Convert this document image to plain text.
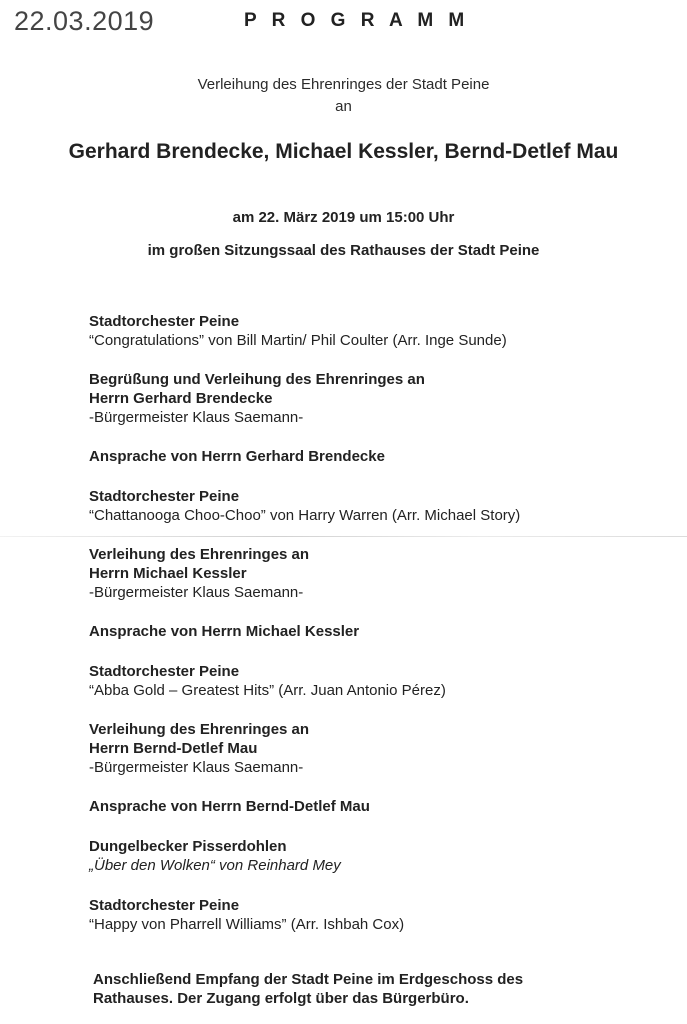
22.03.2019	P R O G R A M M
Verleihung des Ehrenringes der Stadt Peine
an
Gerhard Brendecke, Michael Kessler, Bernd-Detlef Mau
am 22. März 2019 um 15:00 Uhr
im großen Sitzungssaal des Rathauses der Stadt Peine
Stadtorchester Peine
“Congratulations” von Bill Martin/ Phil Coulter (Arr. Inge Sunde)
Begrüßung und Verleihung des Ehrenringes an
Herrn Gerhard Brendecke
-Bürgermeister Klaus Saemann-
Ansprache von Herrn Gerhard Brendecke
Stadtorchester Peine
“Chattanooga Choo-Choo” von Harry Warren (Arr. Michael Story)
Verleihung des Ehrenringes an
Herrn Michael Kessler
-Bürgermeister Klaus Saemann-
Ansprache von Herrn Michael Kessler
Stadtorchester Peine
“Abba Gold – Greatest Hits” (Arr. Juan Antonio Pérez)
Verleihung des Ehrenringes an
Herrn Bernd-Detlef Mau
-Bürgermeister Klaus Saemann-
Ansprache von Herrn Bernd-Detlef Mau
Dungelbecker Pisserdohlen
„Über den Wolken“ von Reinhard Mey
Stadtorchester Peine
“Happy von Pharrell Williams” (Arr. Ishbah Cox)
Anschließend Empfang der Stadt Peine im Erdgeschoss des
Rathauses. Der Zugang erfolgt über das Bürgerbüro.
